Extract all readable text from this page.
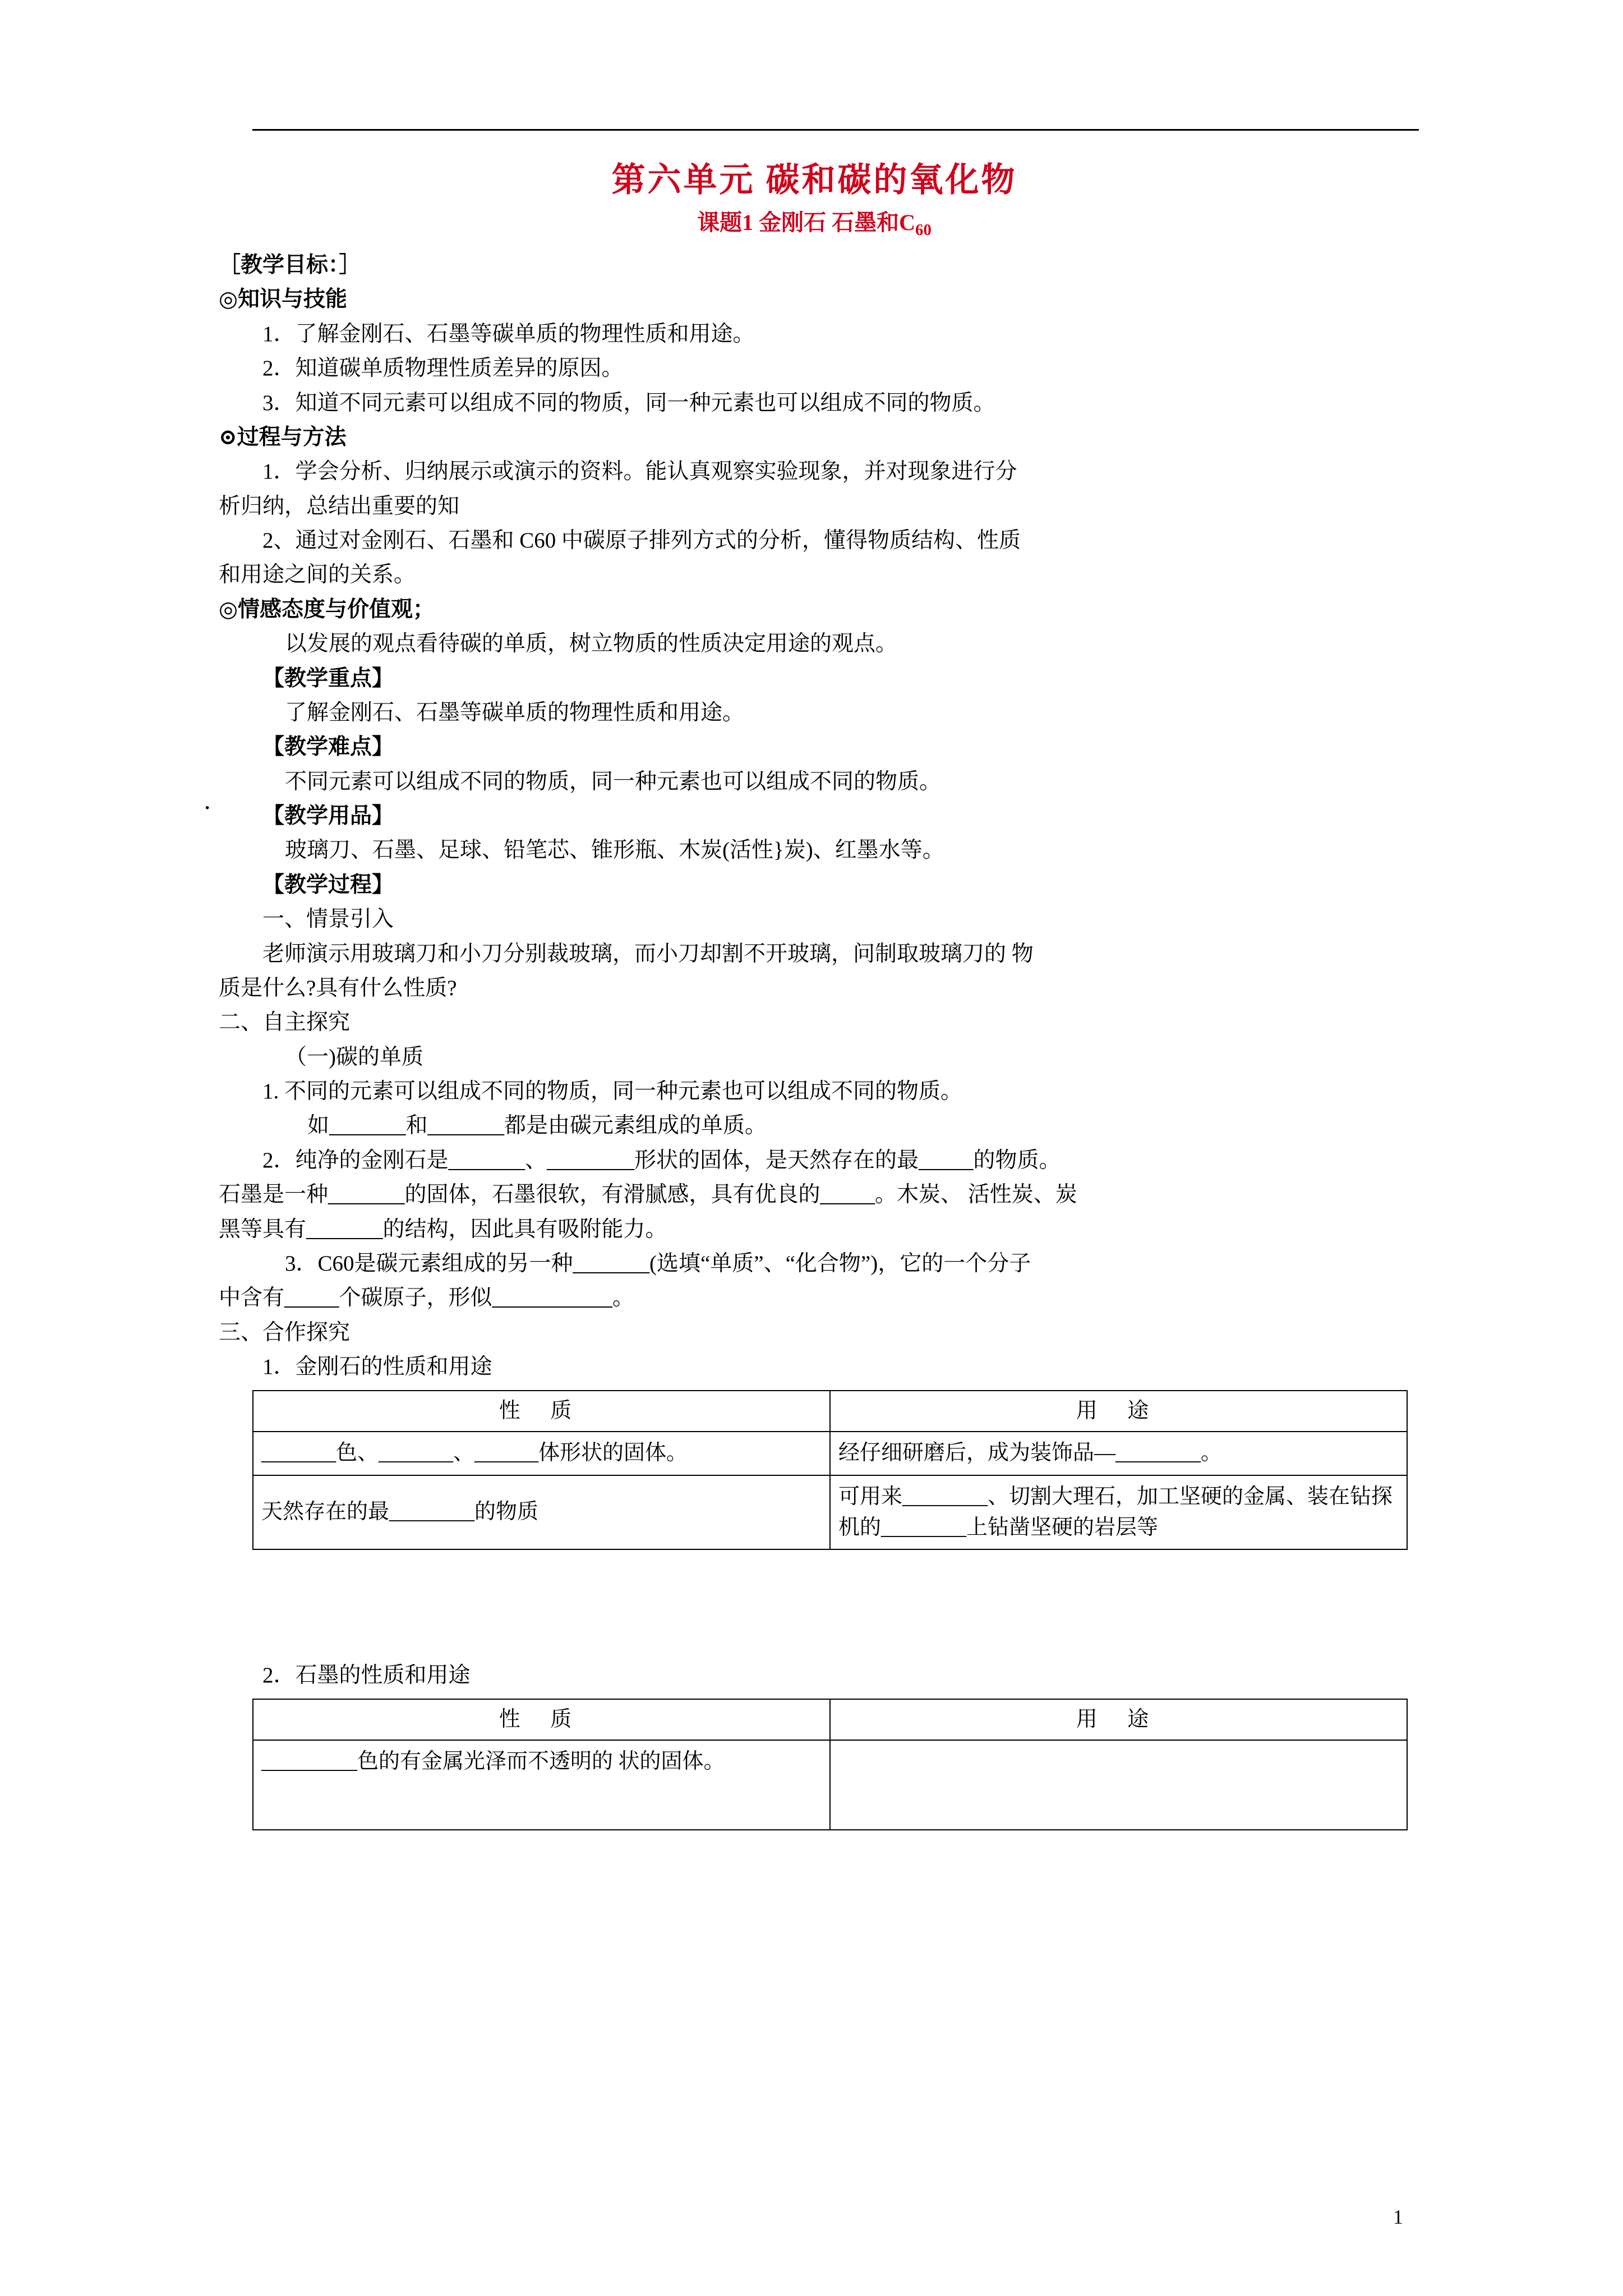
第六单元 碳和碳的氧化物
课题1 金刚石 石墨和$C_{60}$

［教学目标：］

◎知识与技能

1．了解金刚石、石墨等碳单质的物理性质和用途。

2．知道碳单质物理性质差异的原因。

3．知道不同元素可以组成不同的物质，同一种元素也可以组成不同的物质。

⊙过程与方法

1．学会分析、归纳展示或演示的资料。能认真观察实验现象，并对现象进行分

析归纳，总结出重要的知

2、通过对金刚石、石墨和 C60 中碳原子排列方式的分析，懂得物质结构、性质

和用途之间的关系。

◎情感态度与价值观；

以发展的观点看待碳的单质，树立物质的性质决定用途的观点。

【教学重点】

了解金刚石、石墨等碳单质的物理性质和用途。

【教学难点】

不同元素可以组成不同的物质，同一种元素也可以组成不同的物质。

· 【教学用品】

玻璃刀、石墨、足球、铅笔芯、锥形瓶、木炭(活性}炭)、红墨水等。

【教学过程】

一、情景引入

老师演示用玻璃刀和小刀分别裁玻璃，而小刀却割不开玻璃，问制取玻璃刀的 物

质是什么?具有什么性质?

二、自主探究

（一)碳的单质

1. 不同的元素可以组成不同的物质，同一种元素也可以组成不同的物质。

如_______和_______都是由碳元素组成的单质。

2．纯净的金刚石是_______、________形状的固体，是天然存在的最_____的物质。

石墨是一种_______的固体，石墨很软，有滑腻感，具有优良的_____。木炭、 活性炭、炭

黑等具有_______的结构，因此具有吸附能力。

3．C60是碳元素组成的另一种_______(选填“单质”、“化合物”)，它的一个分子

中含有_____个碳原子，形似___________。

三、合作探究

1．金刚石的性质和用途

性 质	用 途
_______色、_______、______体形状的固体。	经仔细研磨后，成为装饰品—________。
天然存在的最________的物质	可用来________、切割大理石，加工坚硬的金属、装在钻探机的________上钻凿坚硬的岩层等

2．石墨的性质和用途

性 质	用 途
_________色的有金属光泽而不透明的 状的固体。	
1
